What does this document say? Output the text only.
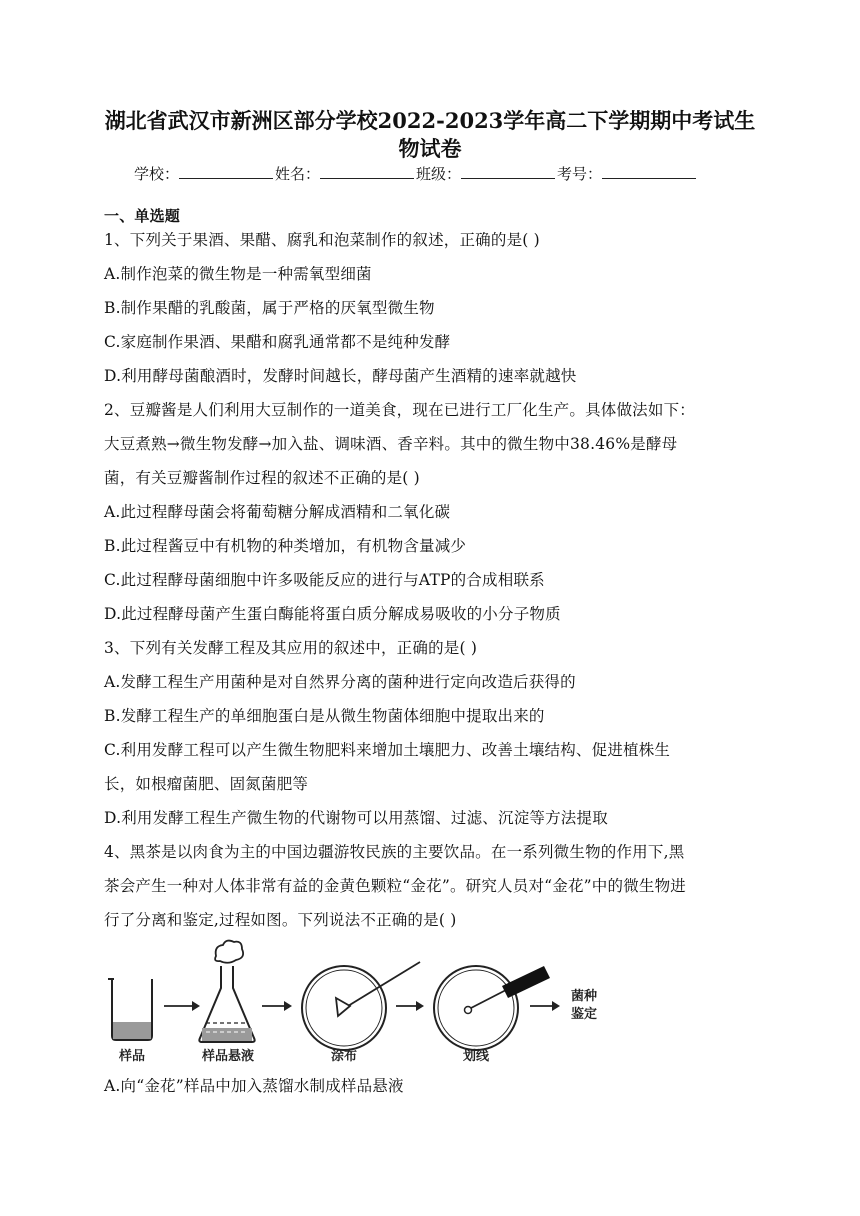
湖北省武汉市新洲区部分学校2022-2023学年高二下学期期中考试生
物试卷
学校：	姓名：	班级：	考号：
一、单选题
1、下列关于果酒、果醋、腐乳和泡菜制作的叙述，正确的是( )
A.制作泡菜的微生物是一种需氧型细菌
B.制作果醋的乳酸菌，属于严格的厌氧型微生物
C.家庭制作果酒、果醋和腐乳通常都不是纯种发酵
D.利用酵母菌酿酒时，发酵时间越长，酵母菌产生酒精的速率就越快
2、豆瓣酱是人们利用大豆制作的一道美食，现在已进行工厂化生产。具体做法如下：
大豆煮熟→微生物发酵→加入盐、调味酒、香辛料。其中的微生物中38.46%是酵母
菌，有关豆瓣酱制作过程的叙述不正确的是( )
A.此过程酵母菌会将葡萄糖分解成酒精和二氧化碳
B.此过程酱豆中有机物的种类增加，有机物含量减少
C.此过程酵母菌细胞中许多吸能反应的进行与ATP的合成相联系
D.此过程酵母菌产生蛋白酶能将蛋白质分解成易吸收的小分子物质
3、下列有关发酵工程及其应用的叙述中，正确的是( )
A.发酵工程生产用菌种是对自然界分离的菌种进行定向改造后获得的
B.发酵工程生产的单细胞蛋白是从微生物菌体细胞中提取出来的
C.利用发酵工程可以产生微生物肥料来增加土壤肥力、改善土壤结构、促进植株生
长，如根瘤菌肥、固氮菌肥等
D.利用发酵工程生产微生物的代谢物可以用蒸馏、过滤、沉淀等方法提取
4、黑茶是以肉食为主的中国边疆游牧民族的主要饮品。在一系列微生物的作用下,黑
茶会产生一种对人体非常有益的金黄色颗粒“金花”。研究人员对“金花”中的微生物进
行了分离和鉴定,过程如图。下列说法不正确的是( )
样品	样品悬液	涂布	划线
菌种
鉴定
A.向“金花”样品中加入蒸馏水制成样品悬液
